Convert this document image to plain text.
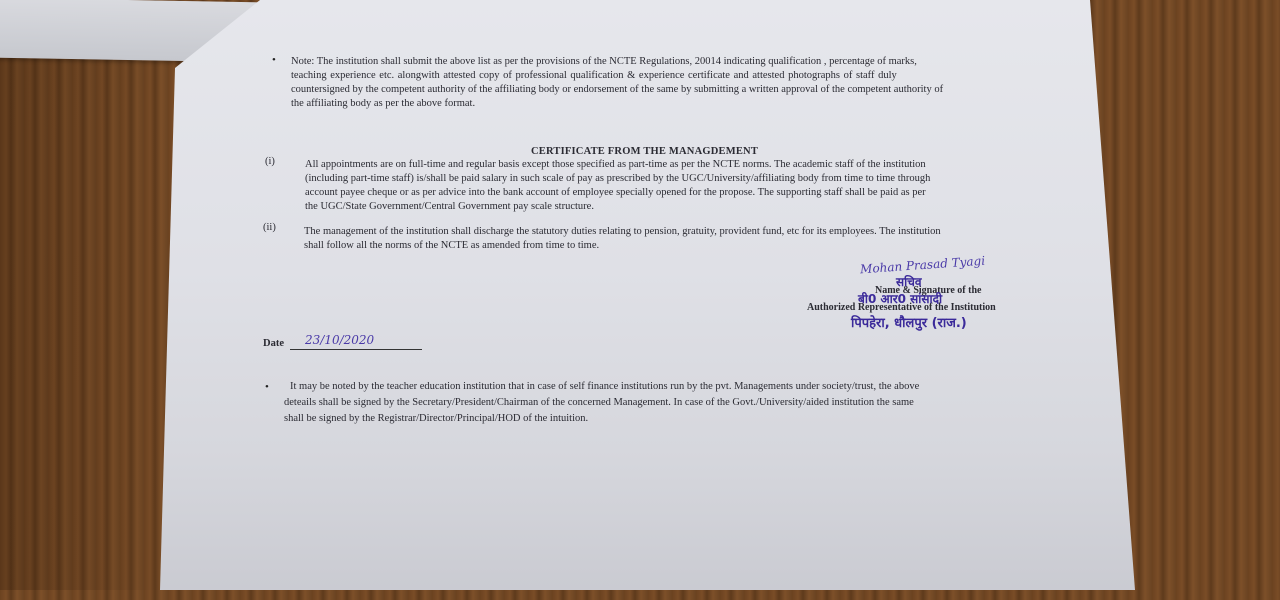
• Note: The institution shall submit the above list as per the provisions of the NCTE Regulations, 20014 indicating qualification , percentage of marks,
teaching experience etc. alongwith attested copy of professional qualification & experience certificate and attested photographs of staff duly
countersigned by the competent authority of the affiliating body or endorsement of the same by submitting a written approval of the competent authority of
the affiliating body as per the above format.
CERTIFICATE FROM THE MANAGDEMENT
(i)	All appointments are on full-time and regular basis except those specified as part-time as per the NCTE norms. The academic staff of the institution
(including part-time staff) is/shall be paid salary in such scale of pay as prescribed by the UGC/University/affiliating body from time to time through
account payee cheque or as per advice into the bank account of employee specially opened for the propose. The supporting staff shall be paid as per
the UGC/State Government/Central Government pay scale structure.
(ii)	The management of the institution shall discharge the statutory duties relating to pension, gratuity, provident fund, etc for its employees. The institution
shall follow all the norms of the NCTE as amended from time to time.
Mohan Prasad Tyagi
Name & Signature of the
Authorized Representative of the Institution
सचिव
बी0 आर0 सांसादी
पिपहेरा, धौलपुर (राज.)
Date 23/10/2020
• It may be noted by the teacher education institution that in case of self finance institutions run by the pvt. Managements under society/trust, the above
deteails shall be signed by the Secretary/President/Chairman of the concerned Management. In case of the Govt./University/aided institution the same
shall be signed by the Registrar/Director/Principal/HOD of the intuition.
